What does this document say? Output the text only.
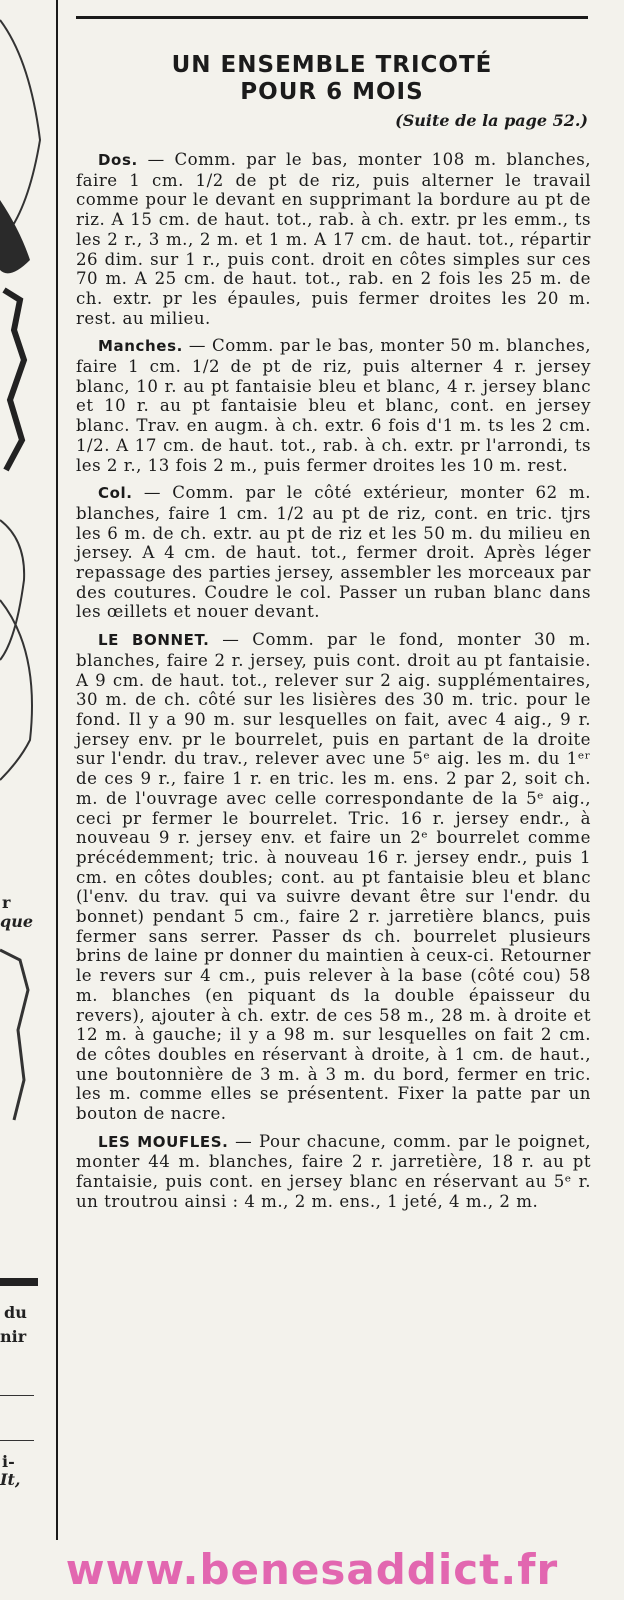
r
que
du
nir
i-
It,
UN ENSEMBLE TRICOTÉ
POUR 6 MOIS

(Suite de la page 52.)

Dos. — Comm. par le bas, monter 108 m. blanches, faire 1 cm. 1/2 de pt de riz, puis alterner le travail comme pour le devant en supprimant la bordure au pt de riz. A 15 cm. de haut. tot., rab. à ch. extr. pr les emm., ts les 2 r., 3 m., 2 m. et 1 m. A 17 cm. de haut. tot., répartir 26 dim. sur 1 r., puis cont. droit en côtes simples sur ces 70 m. A 25 cm. de haut. tot., rab. en 2 fois les 25 m. de ch. extr. pr les épaules, puis fermer droites les 20 m. rest. au milieu.

Manches. — Comm. par le bas, monter 50 m. blanches, faire 1 cm. 1/2 de pt de riz, puis alterner 4 r. jersey blanc, 10 r. au pt fantaisie bleu et blanc, 4 r. jersey blanc et 10 r. au pt fantaisie bleu et blanc, cont. en jersey blanc. Trav. en augm. à ch. extr. 6 fois d'1 m. ts les 2 cm. 1/2. A 17 cm. de haut. tot., rab. à ch. extr. pr l'arrondi, ts les 2 r., 13 fois 2 m., puis fermer droites les 10 m. rest.

Col. — Comm. par le côté extérieur, monter 62 m. blanches, faire 1 cm. 1/2 au pt de riz, cont. en tric. tjrs les 6 m. de ch. extr. au pt de riz et les 50 m. du milieu en jersey. A 4 cm. de haut. tot., fermer droit. Après léger repassage des parties jersey, assembler les morceaux par des coutures. Coudre le col. Passer un ruban blanc dans les œillets et nouer devant.

LE BONNET. — Comm. par le fond, monter 30 m. blanches, faire 2 r. jersey, puis cont. droit au pt fantaisie. A 9 cm. de haut. tot., relever sur 2 aig. supplémentaires, 30 m. de ch. côté sur les lisières des 30 m. tric. pour le fond. Il y a 90 m. sur lesquelles on fait, avec 4 aig., 9 r. jersey env. pr le bourrelet, puis en partant de la droite sur l'endr. du trav., relever avec une 5ᵉ aig. les m. du 1ᵉʳ de ces 9 r., faire 1 r. en tric. les m. ens. 2 par 2, soit ch. m. de l'ouvrage avec celle correspondante de la 5ᵉ aig., ceci pr fermer le bourrelet. Tric. 16 r. jersey endr., à nouveau 9 r. jersey env. et faire un 2ᵉ bourrelet comme précédemment; tric. à nouveau 16 r. jersey endr., puis 1 cm. en côtes doubles; cont. au pt fantaisie bleu et blanc (l'env. du trav. qui va suivre devant être sur l'endr. du bonnet) pendant 5 cm., faire 2 r. jarretière blancs, puis fermer sans serrer. Passer ds ch. bourrelet plusieurs brins de laine pr donner du maintien à ceux-ci. Retourner le revers sur 4 cm., puis relever à la base (côté cou) 58 m. blanches (en piquant ds la double épaisseur du revers), ajouter à ch. extr. de ces 58 m., 28 m. à droite et 12 m. à gauche; il y a 98 m. sur lesquelles on fait 2 cm. de côtes doubles en réservant à droite, à 1 cm. de haut., une boutonnière de 3 m. à 3 m. du bord, fermer en tric. les m. comme elles se présentent. Fixer la patte par un bouton de nacre.

LES MOUFLES. — Pour chacune, comm. par le poignet, monter 44 m. blanches, faire 2 r. jarretière, 18 r. au pt fantaisie, puis cont. en jersey blanc en réservant au 5ᵉ r. un troutrou ainsi : 4 m., 2 m. ens., 1 jeté, 4 m., 2 m.

www.benesaddict.fr
